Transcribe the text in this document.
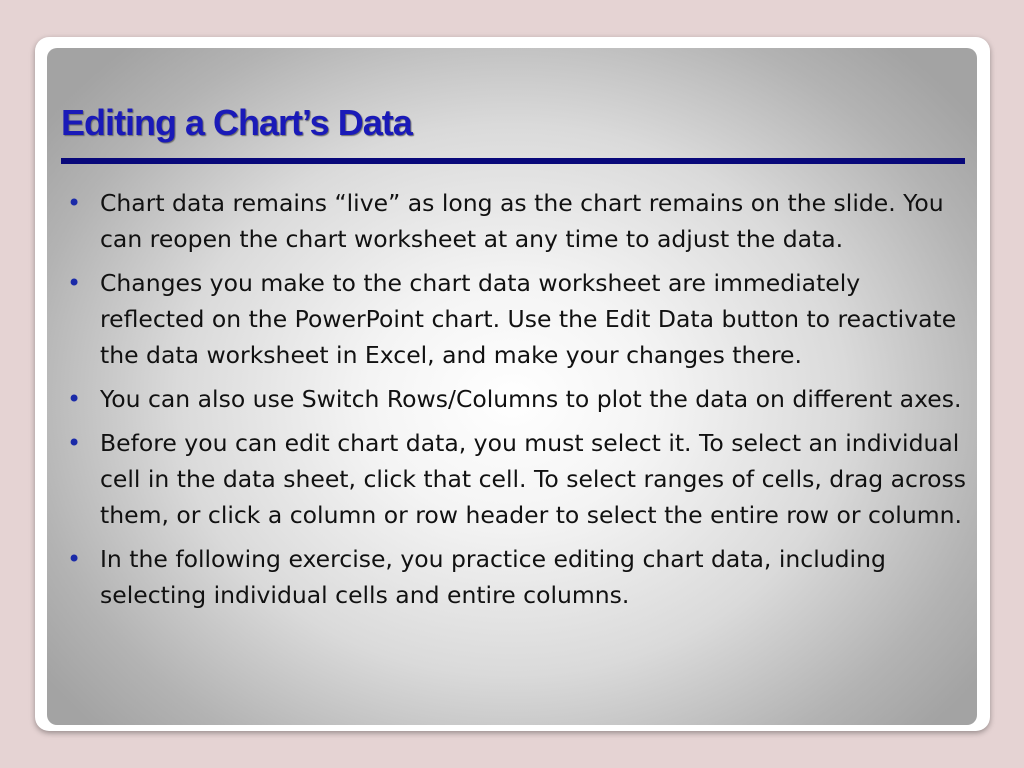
Editing a Chart’s Data
• Chart data remains “live” as long as the chart remains on the slide. You can reopen the chart worksheet at any time to adjust the data.
• Changes you make to the chart data worksheet are immediately reflected on the PowerPoint chart. Use the Edit Data button to reactivate the data worksheet in Excel, and make your changes there.
• You can also use Switch Rows/Columns to plot the data on different axes.
• Before you can edit chart data, you must select it. To select an individual cell in the data sheet, click that cell. To select ranges of cells, drag across them, or click a column or row header to select the entire row or column.
• In the following exercise, you practice editing chart data, including selecting individual cells and entire columns.
